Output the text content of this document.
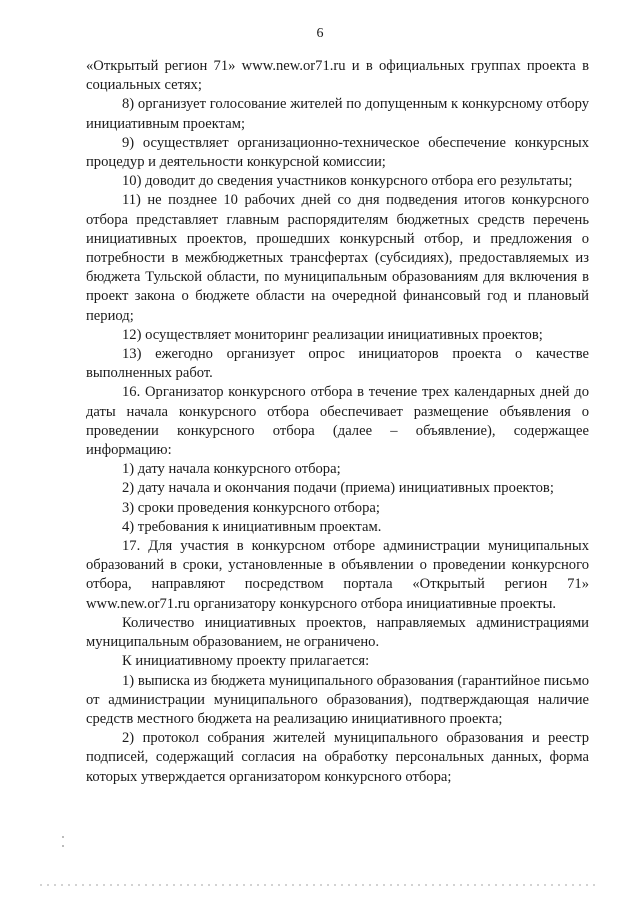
6

«Открытый регион 71» www.new.or71.ru и в официальных группах проекта в социальных сетях;

8) организует голосование жителей по допущенным к конкурсному отбору инициативным проектам;

9) осуществляет организационно-техническое обеспечение конкурсных процедур и деятельности конкурсной комиссии;

10) доводит до сведения участников конкурсного отбора его результаты;

11) не позднее 10 рабочих дней со дня подведения итогов конкурсного отбора представляет главным распорядителям бюджетных средств перечень инициативных проектов, прошедших конкурсный отбор, и предложения о потребности в межбюджетных трансфертах (субсидиях), предоставляемых из бюджета Тульской области, по муниципальным образованиям для включения в проект закона о бюджете области на очередной финансовый год и плановый период;

12) осуществляет мониторинг реализации инициативных проектов;

13) ежегодно организует опрос инициаторов проекта о качестве выполненных работ.

16. Организатор конкурсного отбора в течение трех календарных дней до даты начала конкурсного отбора обеспечивает размещение объявления о проведении конкурсного отбора (далее – объявление), содержащее информацию:

1) дату начала конкурсного отбора;

2) дату начала и окончания подачи (приема) инициативных проектов;

3) сроки проведения конкурсного отбора;

4) требования к инициативным проектам.

17. Для участия в конкурсном отборе администрации муниципальных образований в сроки, установленные в объявлении о проведении конкурсного отбора, направляют посредством портала «Открытый регион 71» www.new.or71.ru организатору конкурсного отбора инициативные проекты.

Количество инициативных проектов, направляемых администрациями муниципальным образованием, не ограничено.

К инициативному проекту прилагается:

1) выписка из бюджета муниципального образования (гарантийное письмо от администрации муниципального образования), подтверждающая наличие средств местного бюджета на реализацию инициативного проекта;

2) протокол собрания жителей муниципального образования и реестр подписей, содержащий согласия на обработку персональных данных, форма которых утверждается организатором конкурсного отбора;
